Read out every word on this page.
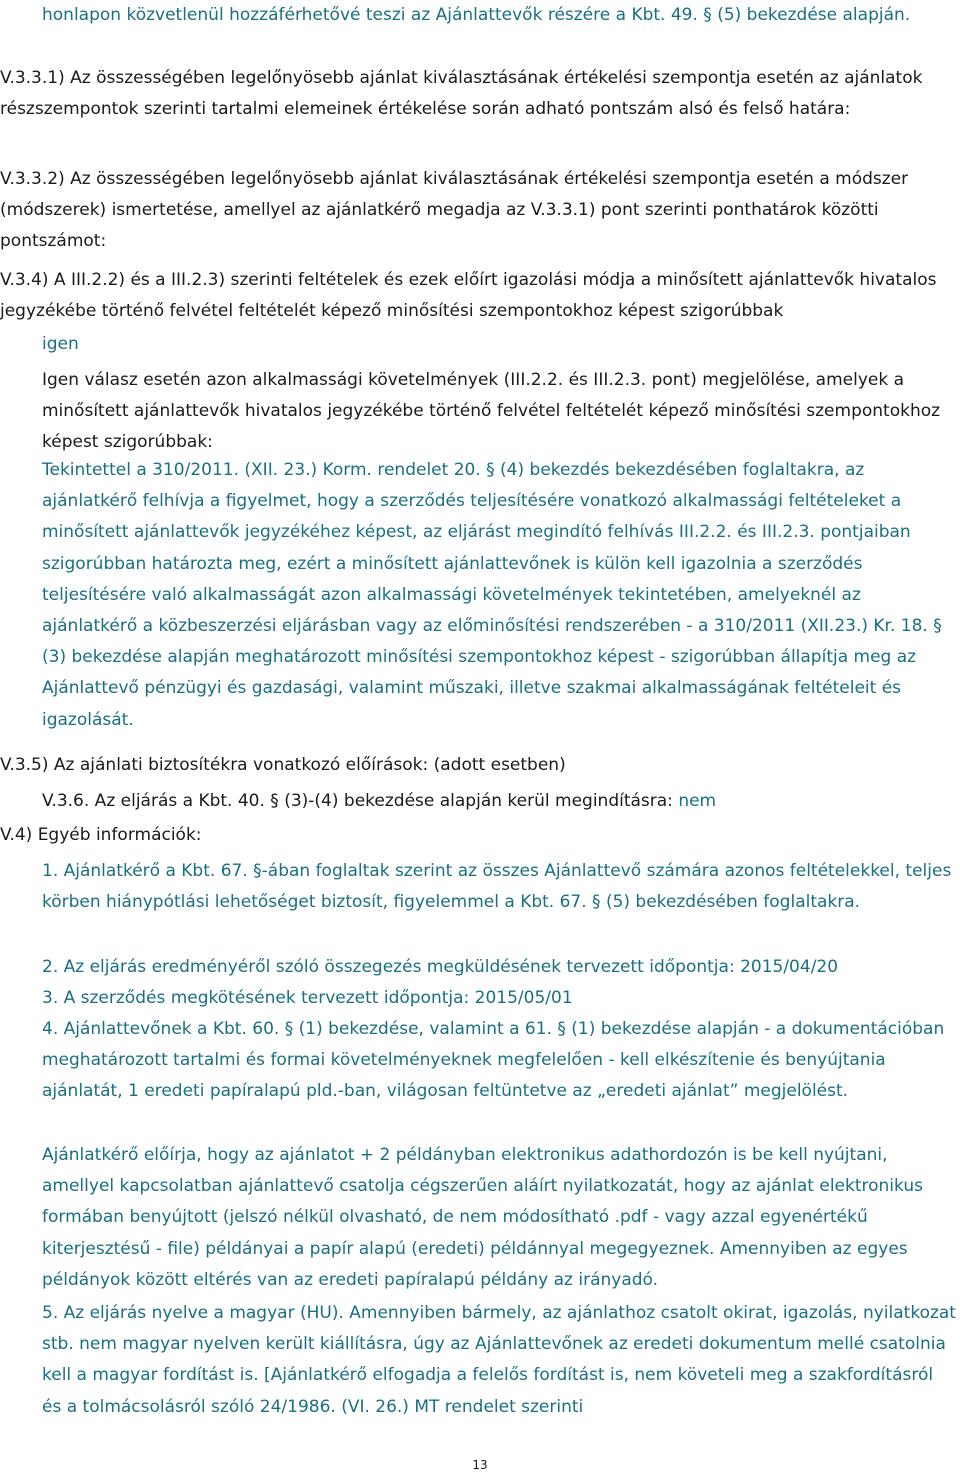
honlapon közvetlenül hozzáférhetővé teszi az Ajánlattevők részére a Kbt. 49. § (5) bekezdése alapján.
V.3.3.1) Az összességében legelőnyösebb ajánlat kiválasztásának értékelési szempontja esetén az ajánlatok részszempontok szerinti tartalmi elemeinek értékelése során adható pontszám alsó és felső határa:
V.3.3.2) Az összességében legelőnyösebb ajánlat kiválasztásának értékelési szempontja esetén a módszer (módszerek) ismertetése, amellyel az ajánlatkérő megadja az V.3.3.1) pont szerinti ponthatárok közötti pontszámot:
V.3.4) A III.2.2) és a III.2.3) szerinti feltételek és ezek előírt igazolási módja a minősített ajánlattevők hivatalos jegyzékébe történő felvétel feltételét képező minősítési szempontokhoz képest szigorúbbak
igen
Igen válasz esetén azon alkalmassági követelmények (III.2.2. és III.2.3. pont) megjelölése, amelyek a minősített ajánlattevők hivatalos jegyzékébe történő felvétel feltételét képező minősítési szempontokhoz képest szigorúbbak:
Tekintettel a 310/2011. (XII. 23.) Korm. rendelet 20. § (4) bekezdés bekezdésében foglaltakra, az ajánlatkérő felhívja a figyelmet, hogy a szerződés teljesítésére vonatkozó alkalmassági feltételeket a minősített ajánlattevők jegyzékéhez képest, az eljárást megindító felhívás III.2.2. és III.2.3. pontjaiban szigorúbban határozta meg, ezért a minősített ajánlattevőnek is külön kell igazolnia a szerződés teljesítésére való alkalmasságát azon alkalmassági követelmények tekintetében, amelyeknél az ajánlatkérő a közbeszerzési eljárásban vagy az előminősítési rendszerében - a 310/2011 (XII.23.) Kr. 18. § (3) bekezdése alapján meghatározott minősítési szempontokhoz képest - szigorúbban állapítja meg az Ajánlattevő pénzügyi és gazdasági, valamint műszaki, illetve szakmai alkalmasságának feltételeit és igazolását.
V.3.5) Az ajánlati biztosítékra vonatkozó előírások: (adott esetben)
V.3.6. Az eljárás a Kbt. 40. § (3)-(4) bekezdése alapján kerül megindításra: nem
V.4) Egyéb információk:
1. Ajánlatkérő a Kbt. 67. §-ában foglaltak szerint az összes Ajánlattevő számára azonos feltételekkel, teljes körben hiánypótlási lehetőséget biztosít, figyelemmel a Kbt. 67. § (5) bekezdésében foglaltakra.
2. Az eljárás eredményéről szóló összegezés megküldésének tervezett időpontja: 2015/04/20
3. A szerződés megkötésének tervezett időpontja: 2015/05/01
4. Ajánlattevőnek a Kbt. 60. § (1) bekezdése, valamint a 61. § (1) bekezdése alapján - a dokumentációban meghatározott tartalmi és formai követelményeknek megfelelően - kell elkészítenie és benyújtania ajánlatát, 1 eredeti papíralapú pld.-ban, világosan feltüntetve az „eredeti ajánlat” megjelölést.
Ajánlatkérő előírja, hogy az ajánlatot + 2 példányban elektronikus adathordozón is be kell nyújtani, amellyel kapcsolatban ajánlattevő csatolja cégszerűen aláírt nyilatkozatát, hogy az ajánlat elektronikus formában benyújtott (jelszó nélkül olvasható, de nem módosítható .pdf - vagy azzal egyenértékű kiterjesztésű - file) példányai a papír alapú (eredeti) példánnyal megegyeznek. Amennyiben az egyes példányok között eltérés van az eredeti papíralapú példány az irányadó.
5. Az eljárás nyelve a magyar (HU). Amennyiben bármely, az ajánlathoz csatolt okirat, igazolás, nyilatkozat stb. nem magyar nyelven került kiállításra, úgy az Ajánlattevőnek az eredeti dokumentum mellé csatolnia kell a magyar fordítást is. [Ajánlatkérő elfogadja a felelős fordítást is, nem követeli meg a szakfordításról és a tolmácsolásról szóló 24/1986. (VI. 26.) MT rendelet szerinti
13
